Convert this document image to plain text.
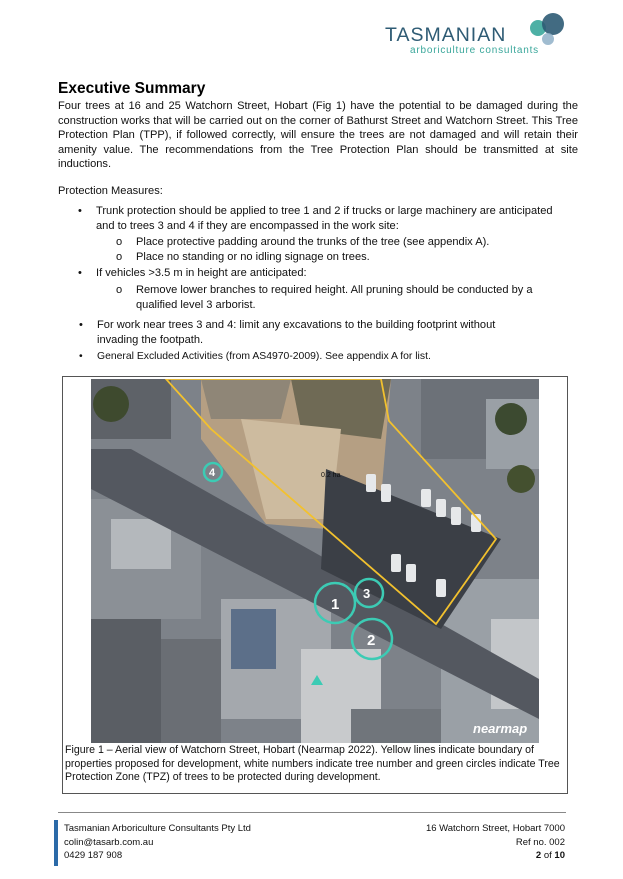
TASMANIAN
arboriculture consultants
Executive Summary

Four trees at 16 and 25 Watchorn Street, Hobart (Fig 1) have the potential to be damaged during the construction works that will be carried out on the corner of Bathurst Street and Watchorn Street. This Tree Protection Plan (TPP), if followed correctly, will ensure the trees are not damaged and will retain their amenity value. The recommendations from the Tree Protection Plan should be transmitted at site inductions.

Protection Measures:
• Trunk protection should be applied to tree 1 and 2 if trucks or large machinery are anticipated
and to trees 3 and 4 if they are encompassed in the work site:
o Place protective padding around the trunks of the tree (see appendix A).
o Place no standing or no idling signage on trees.
• If vehicles >3.5 m in height are anticipated:
o Remove lower branches to required height. All pruning should be conducted by a
qualified level 3 arborist.
• For work near trees 3 and 4: limit any excavations to the building footprint without
invading the footpath.
• General Excluded Activities (from AS4970-2009). See appendix A for list.
1
2
3
4	0.2 ha
nearmap

Figure 1 – Aerial view of Watchorn Street, Hobart (Nearmap 2022). Yellow lines indicate boundary of properties proposed for development, white numbers indicate tree number and green circles indicate Tree Protection Zone (TPZ) of trees to be protected during development.

Tasmanian Arboriculture Consultants Pty Ltd
colin@tasarb.com.au
0429 187 908
16 Watchorn Street, Hobart 7000
Ref no. 002
2 of 10
